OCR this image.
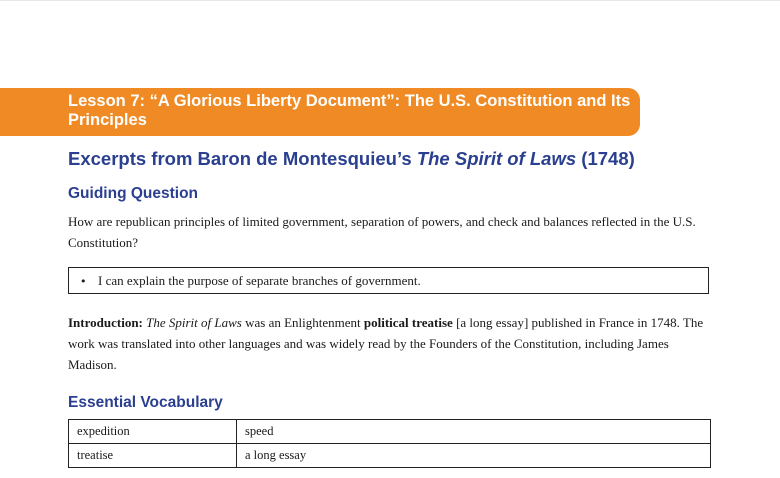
Lesson 7: “A Glorious Liberty Document”: The U.S. Constitution and Its Principles
Excerpts from Baron de Montesquieu’s The Spirit of Laws (1748)
Guiding Question

How are republican principles of limited government, separation of powers, and check and balances reflected in the U.S. Constitution?

• I can explain the purpose of separate branches of government.

Introduction: The Spirit of Laws was an Enlightenment political treatise [a long essay] published in France in 1748. The work was translated into other languages and was widely read by the Founders of the Constitution, including James Madison.

Essential Vocabulary
expedition	speed
treatise	a long essay
